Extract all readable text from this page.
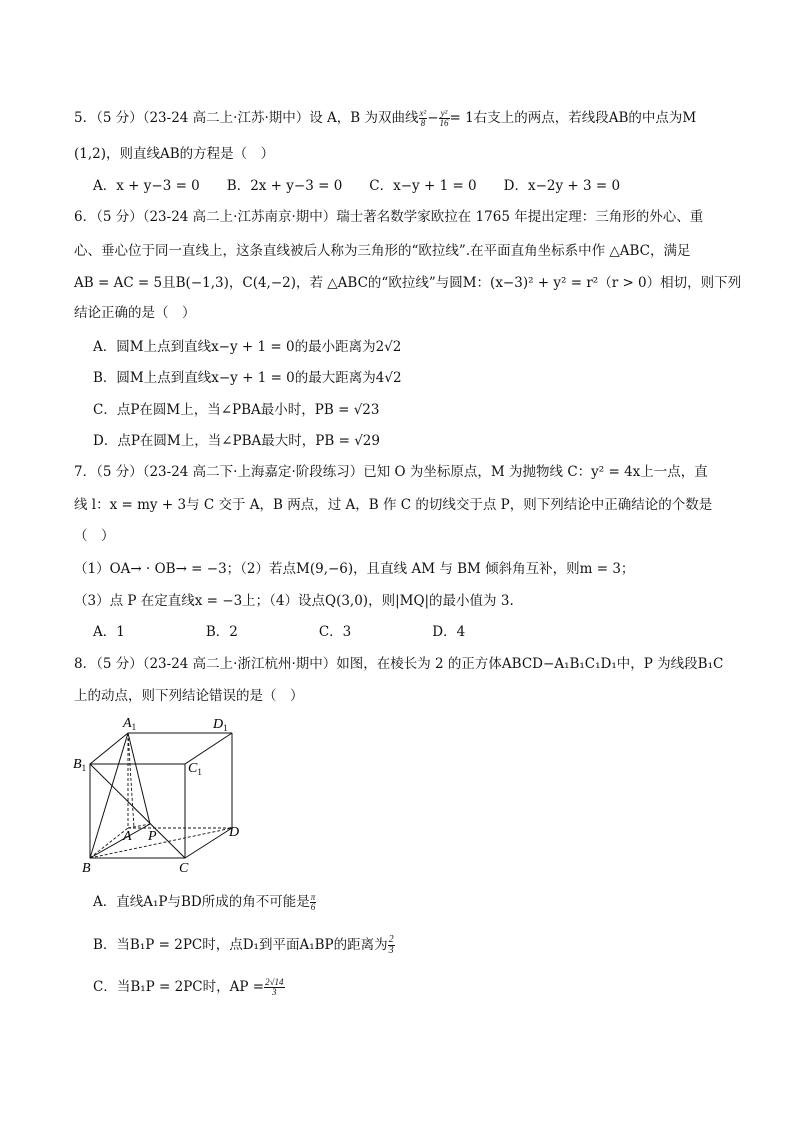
5．（5 分）（23-24 高二上·江苏·期中）设 A，B 为双曲线 $\frac{\text{x²}}{8} - \frac{\text{y²}}{16} = 1$右支上的两点，若线段AB的中点为M
(1,2)，则直线AB的方程是（　）
A．x + y−3 = 0　　B．2x + y−3 = 0　　C．x−y + 1 = 0　　D．x−2y + 3 = 0
6．（5 分）（23-24 高二上·江苏南京·期中）瑞士著名数学家欧拉在 1765 年提出定理：三角形的外心、重
心、垂心位于同一直线上，这条直线被后人称为三角形的“欧拉线”.在平面直角坐标系中作 △ABC，满足
AB = AC = 5且B(−1,3)，C(4,−2)，若 △ABC的“欧拉线”与圆M：(x−3)² + y² = r²（r > 0）相切，则下列
结论正确的是（　）
A．圆M上点到直线x−y + 1 = 0的最小距离为2√2
B．圆M上点到直线x−y + 1 = 0的最大距离为4√2
C．点P在圆M上，当∠PBA最小时，PB = √23
D．点P在圆M上，当∠PBA最大时，PB = √29
7．（5 分）（23-24 高二下·上海嘉定·阶段练习）已知 O 为坐标原点，M 为抛物线 C：y² = 4x上一点，直
线 l：x = my + 3与 C 交于 A，B 两点，过 A，B 作 C 的切线交于点 P，则下列结论中正确结论的个数是
（　）
（1）OA→ · OB→ = −3；（2）若点M(9,−6)，且直线 AM 与 BM 倾斜角互补，则m = 3；
（3）点 P 在定直线x = −3上；（4）设点Q(3,0)，则|MQ|的最小值为 3.
A．1　　　　　　B．2　　　　　　C．3　　　　　　D．4
8．（5 分）（23-24 高二上·浙江杭州·期中）如图，在棱长为 2 的正方体ABCD−A₁B₁C₁D₁中，P 为线段B₁C
上的动点，则下列结论错误的是（　）
$A_1$	$D_1$
$B_1$	$C_1$
A P	D
B	C
A．直线A₁P与BD所成的角不可能是 $\frac{\pi}{6}$
B．当B₁P = 2PC时，点D₁到平面A₁BP的距离为 $\frac{2}{3}$
C．当B₁P = 2PC时，AP = $\frac{2√14}{3}$
